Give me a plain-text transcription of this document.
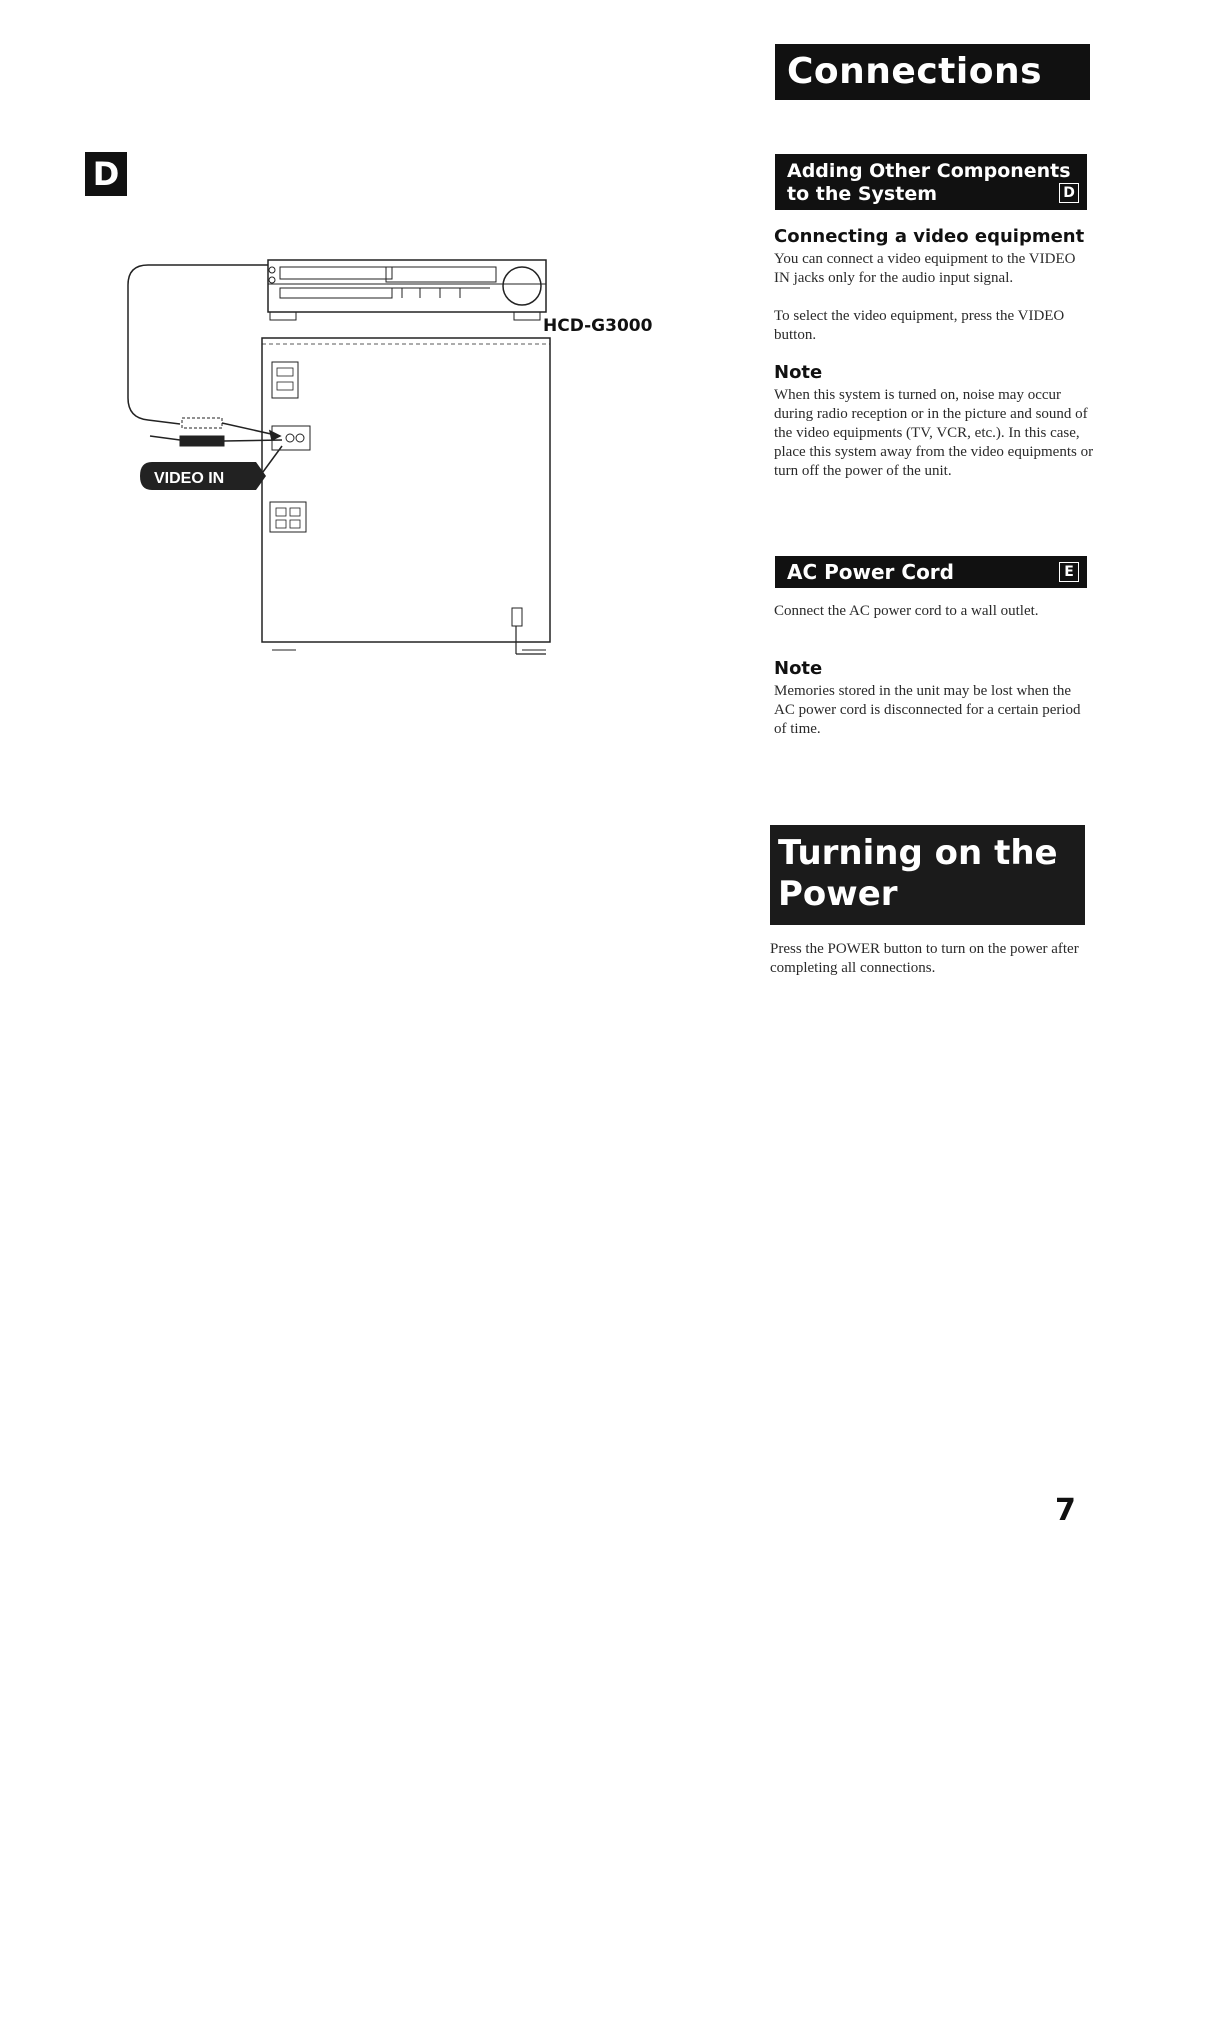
D
VIDEO IN
HCD-G3000
Connections
Adding Other Components
to the System	D
Connecting a video equipment

You can connect a video equipment to the VIDEO IN jacks only for the audio input signal.

To select the video equipment, press the VIDEO button.

Note

When this system is turned on, noise may occur during radio reception or in the picture and sound of the video equipments (TV, VCR, etc.). In this case, place this system away from the video equipments or turn off the power of the unit.

AC Power Cord	E

Connect the AC power cord to a wall outlet.

Note

Memories stored in the unit may be lost when the AC power cord is disconnected for a certain period of time.

Turning on the
Power

Press the POWER button to turn on the power after completing all connections.

7
